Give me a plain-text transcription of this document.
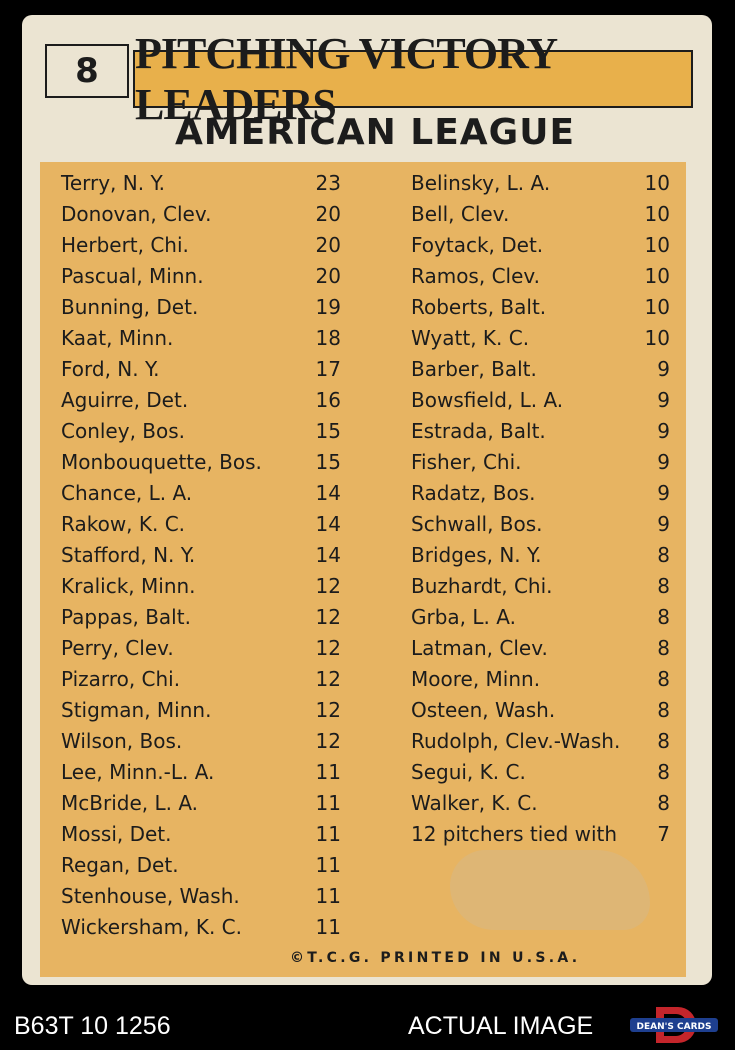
8 PITCHING VICTORY LEADERS
AMERICAN LEAGUE
Terry, N. Y.	23
Donovan, Clev.	20
Herbert, Chi.	20
Pascual, Minn.	20
Bunning, Det.	19
Kaat, Minn.	18
Ford, N. Y.	17
Aguirre, Det.	16
Conley, Bos.	15
Monbouquette, Bos.	15
Chance, L. A.	14
Rakow, K. C.	14
Stafford, N. Y.	14
Kralick, Minn.	12
Pappas, Balt.	12
Perry, Clev.	12
Pizarro, Chi.	12
Stigman, Minn.	12
Wilson, Bos.	12
Lee, Minn.-L. A.	11
McBride, L. A.	11
Mossi, Det.	11
Regan, Det.	11
Stenhouse, Wash.	11
Wickersham, K. C.	11
Belinsky, L. A.	10
Bell, Clev.	10
Foytack, Det.	10
Ramos, Clev.	10
Roberts, Balt.	10
Wyatt, K. C.	10
Barber, Balt.	9
Bowsfield, L. A.	9
Estrada, Balt.	9
Fisher, Chi.	9
Radatz, Bos.	9
Schwall, Bos.	9
Bridges, N. Y.	8
Buzhardt, Chi.	8
Grba, L. A.	8
Latman, Clev.	8
Moore, Minn.	8
Osteen, Wash.	8
Rudolph, Clev.-Wash. 8
Segui, K. C.	8
Walker, K. C.	8
12 pitchers tied with 7
©T.C.G. PRINTED IN U.S.A.
B63T 10 1256	ACTUAL IMAGE	DEAN'S CARDS
